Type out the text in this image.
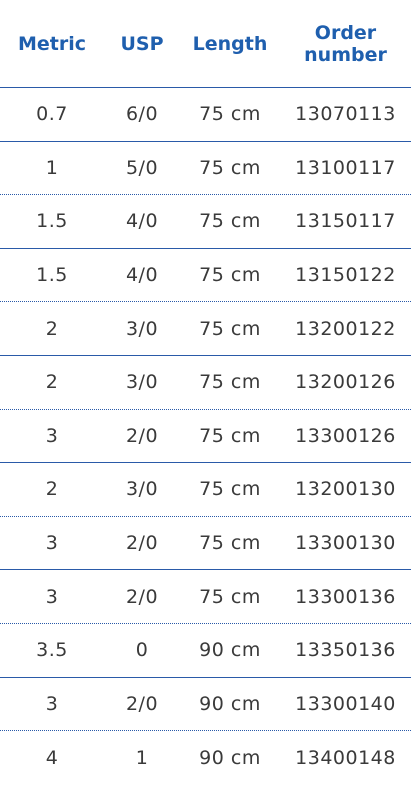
Metric	USP	Length	Order
number
0.7	6/0	75 cm	13070113
1	5/0	75 cm	13100117
1.5	4/0	75 cm	13150117
1.5	4/0	75 cm	13150122
2	3/0	75 cm	13200122
2	3/0	75 cm	13200126
3	2/0	75 cm	13300126
2	3/0	75 cm	13200130
3	2/0	75 cm	13300130
3	2/0	75 cm	13300136
3.5	0	90 cm	13350136
3	2/0	90 cm	13300140
4	1	90 cm	13400148
